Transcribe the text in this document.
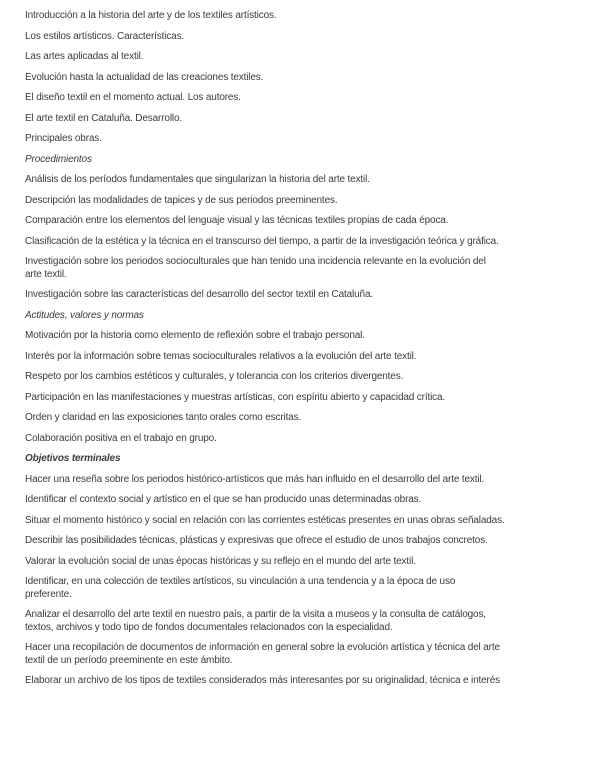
Introducción a la historia del arte y de los textiles artísticos.

Los estilos artísticos. Características.

Las artes aplicadas al textil.

Evolución hasta la actualidad de las creaciones textiles.

El diseño textil en el momento actual. Los autores.

El arte textil en Cataluña. Desarrollo.

Principales obras.

Procedimientos

Análisis de los períodos fundamentales que singularizan la historia del arte textil.

Descripción las modalidades de tapices y de sus periodos preeminentes.

Comparación entre los elementos del lenguaje visual y las técnicas textiles propias de cada época.

Clasificación de la estética y la técnica en el transcurso del tiempo, a partir de la investigación teórica y gráfica.

Investigación sobre los periodos socioculturales que han tenido una incidencia relevante en la evolución del
arte textil.

Investigación sobre las características del desarrollo del sector textil en Cataluña.

Actitudes, valores y normas

Motivación por la historia como elemento de reflexión sobre el trabajo personal.

Interés por la información sobre temas socioculturales relativos a la evolución del arte textil.

Respeto por los cambios estéticos y culturales, y tolerancia con los criterios divergentes.

Participación en las manifestaciones y muestras artísticas, con espíritu abierto y capacidad crítica.

Orden y claridad en las exposiciones tanto orales como escritas.

Colaboración positiva en el trabajo en grupo.

Objetivos terminales

Hacer una reseña sobre los periodos histórico-artísticos que más han influido en el desarrollo del arte textil.

Identificar el contexto social y artístico en el que se han producido unas determinadas obras.

Situar el momento histórico y social en relación con las corrientes estéticas presentes en unas obras señaladas.

Describir las posibilidades técnicas, plásticas y expresivas que ofrece el estudio de unos trabajos concretos.

Valorar la evolución social de unas épocas históricas y su reflejo en el mundo del arte textil.

Identificar, en una colección de textiles artísticos, su vinculación a una tendencia y a la época de uso
preferente.

Analizar el desarrollo del arte textil en nuestro país, a partir de la visita a museos y la consulta de catálogos,
textos, archivos y todo tipo de fondos documentales relacionados con la especialidad.

Hacer una recopilación de documentos de información en general sobre la evolución artística y técnica del arte
textil de un período preeminente en este ámbito.

Elaborar un archivo de los tipos de textiles considerados más interesantes por su originalidad, técnica e interés
